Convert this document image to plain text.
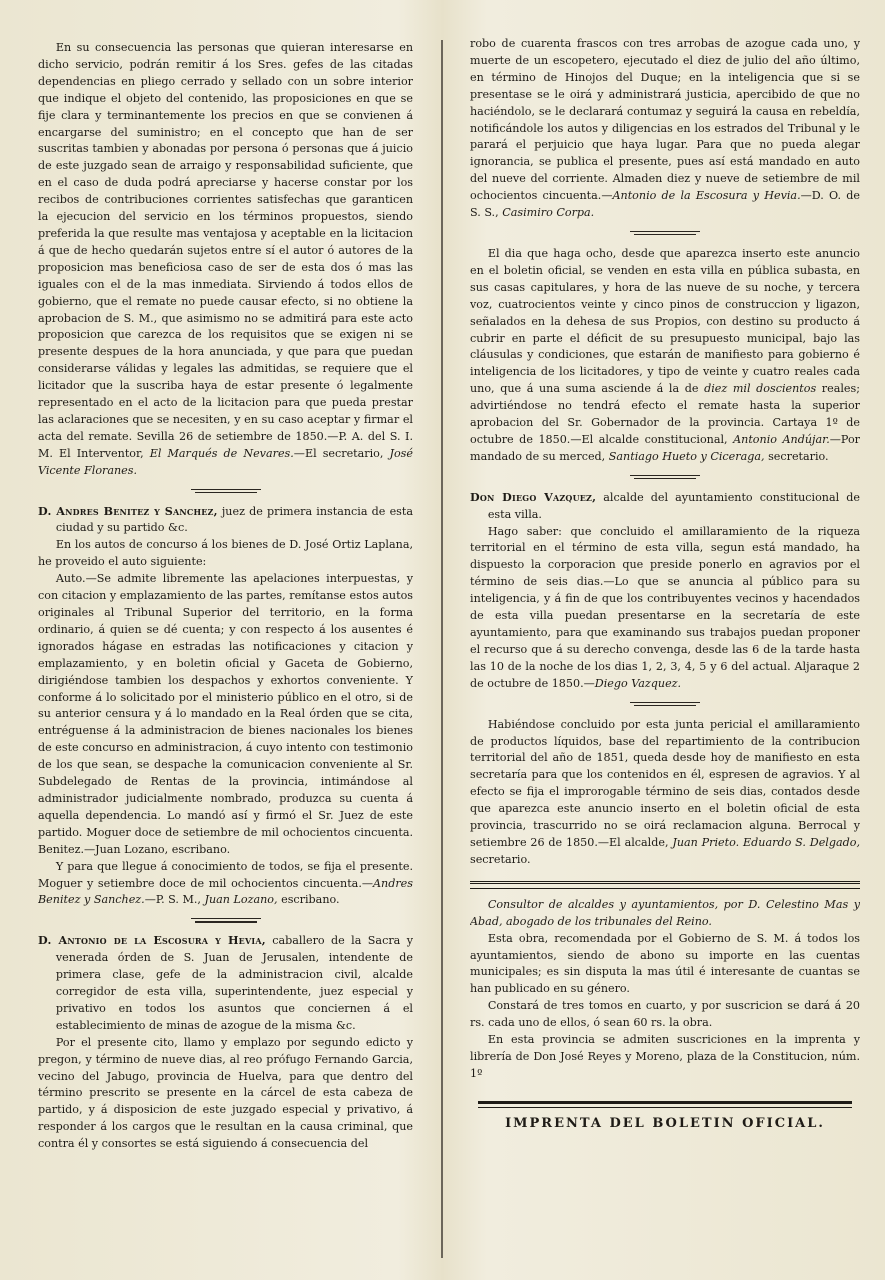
En su consecuencia las personas que quieran interesarse en dicho servicio, podrán remitir á los Sres. gefes de las citadas dependencias en pliego cerrado y sellado con un sobre interior que indique el objeto del contenido, las proposiciones en que se fije clara y terminantemente los precios en que se convienen á encargarse del suministro; en el concepto que han de ser suscritas tambien y abonadas por persona ó personas que á juicio de este juzgado sean de arraigo y responsabilidad suficiente, que en el caso de duda podrá apreciarse y hacerse constar por los recibos de contribuciones corrientes satisfechas que garanticen la ejecucion del servicio en los términos propuestos, siendo preferida la que resulte mas ventajosa y aceptable en la licitacion á que de hecho quedarán sujetos entre sí el autor ó autores de la proposicion mas beneficiosa caso de ser de esta dos ó mas las iguales con el de la mas inmediata. Sirviendo á todos ellos de gobierno, que el remate no puede causar efecto, si no obtiene la aprobacion de S. M., que asimismo no se admitirá para este acto proposicion que carezca de los requisitos que se exigen ni se presente despues de la hora anunciada, y que para que puedan considerarse válidas y legales las admitidas, se requiere que el licitador que la suscriba haya de estar presente ó legalmente representado en el acto de la licitacion para que pueda prestar las aclaraciones que se necesiten, y en su caso aceptar y firmar el acta del remate. Sevilla 26 de setiembre de 1850.—P. A. del S. I. M. El Interventor, El Marqués de Nevares.—El secretario, José Vicente Floranes.

D. Andres Benitez y Sanchez, juez de primera instancia de esta ciudad y su partido &c.

En los autos de concurso á los bienes de D. José Ortiz Laplana, he proveido el auto siguiente:

Auto.—Se admite libremente las apelaciones interpuestas, y con citacion y emplazamiento de las partes, remítanse estos autos originales al Tribunal Superior del territorio, en la forma ordinario, á quien se dé cuenta; y con respecto á los ausentes é ignorados hágase en estradas las notificaciones y citacion y emplazamiento, y en boletin oficial y Gaceta de Gobierno, dirigiéndose tambien los despachos y exhortos conveniente. Y conforme á lo solicitado por el ministerio público en el otro, si de su anterior censura y á lo mandado en la Real órden que se cita, entréguense á la administracion de bienes nacionales los bienes de este concurso en administracion, á cuyo intento con testimonio de los que sean, se despache la comunicacion conveniente al Sr. Subdelegado de Rentas de la provincia, intimándose al administrador judicialmente nombrado, produzca su cuenta á aquella dependencia. Lo mandó así y firmó el Sr. Juez de este partido. Moguer doce de setiembre de mil ochocientos cincuenta. Benitez.—Juan Lozano, escribano.

Y para que llegue á conocimiento de todos, se fija el presente. Moguer y setiembre doce de mil ochocientos cincuenta.—Andres Benitez y Sanchez.—P. S. M., Juan Lozano, escribano.

D. Antonio de la Escosura y Hevia, caballero de la Sacra y venerada órden de S. Juan de Jerusalen, intendente de primera clase, gefe de la administracion civil, alcalde corregidor de esta villa, superintendente, juez especial y privativo en todos los asuntos que conciernen á el establecimiento de minas de azogue de la misma &c.

Por el presente cito, llamo y emplazo por segundo edicto y pregon, y término de nueve dias, al reo prófugo Fernando Garcia, vecino del Jabugo, provincia de Huelva, para que dentro del término prescrito se presente en la cárcel de esta cabeza de partido, y á disposicion de este juzgado especial y privativo, á responder á los cargos que le resultan en la causa criminal, que contra él y consortes se está siguiendo á consecuencia del

robo de cuarenta frascos con tres arrobas de azogue cada uno, y muerte de un escopetero, ejecutado el diez de julio del año último, en término de Hinojos del Duque; en la inteligencia que si se presentase se le oirá y administrará justicia, apercibido de que no haciéndolo, se le declarará contumaz y seguirá la causa en rebeldía, notificándole los autos y diligencias en los estrados del Tribunal y le parará el perjuicio que haya lugar. Para que no pueda alegar ignorancia, se publica el presente, pues así está mandado en auto del nueve del corriente. Almaden diez y nueve de setiembre de mil ochocientos cincuenta.—Antonio de la Escosura y Hevia.—D. O. de S. S., Casimiro Corpa.

El dia que haga ocho, desde que aparezca inserto este anuncio en el boletin oficial, se venden en esta villa en pública subasta, en sus casas capitulares, y hora de las nueve de su noche, y tercera voz, cuatrocientos veinte y cinco pinos de construccion y ligazon, señalados en la dehesa de sus Propios, con destino su producto á cubrir en parte el déficit de su presupuesto municipal, bajo las cláusulas y condiciones, que estarán de manifiesto para gobierno é inteligencia de los licitadores, y tipo de veinte y cuatro reales cada uno, que á una suma asciende á la de diez mil doscientos reales; advirtiéndose no tendrá efecto el remate hasta la superior aprobacion del Sr. Gobernador de la provincia. Cartaya 1º de octubre de 1850.—El alcalde constitucional, Antonio Andújar.—Por mandado de su merced, Santiago Hueto y Ciceraga, secretario.

Don Diego Vazquez, alcalde del ayuntamiento constitucional de esta villa.

Hago saber: que concluido el amillaramiento de la riqueza territorial en el término de esta villa, segun está mandado, ha dispuesto la corporacion que preside ponerlo en agravios por el término de seis dias.—Lo que se anuncia al público para su inteligencia, y á fin de que los contribuyentes vecinos y hacendados de esta villa puedan presentarse en la secretaría de este ayuntamiento, para que examinando sus trabajos puedan proponer el recurso que á su derecho convenga, desde las 6 de la tarde hasta las 10 de la noche de los dias 1, 2, 3, 4, 5 y 6 del actual. Aljaraque 2 de octubre de 1850.—Diego Vazquez.

Habiéndose concluido por esta junta pericial el amillaramiento de productos líquidos, base del repartimiento de la contribucion territorial del año de 1851, queda desde hoy de manifiesto en esta secretaría para que los contenidos en él, espresen de agravios. Y al efecto se fija el improrogable término de seis dias, contados desde que aparezca este anuncio inserto en el boletin oficial de esta provincia, trascurrido no se oirá reclamacion alguna. Berrocal y setiembre 26 de 1850.—El alcalde, Juan Prieto. Eduardo S. Delgado, secretario.

Consultor de alcaldes y ayuntamientos, por D. Celestino Mas y Abad, abogado de los tribunales del Reino.

Esta obra, recomendada por el Gobierno de S. M. á todos los ayuntamientos, siendo de abono su importe en las cuentas municipales; es sin disputa la mas útil é interesante de cuantas se han publicado en su género.

Constará de tres tomos en cuarto, y por suscricion se dará á 20 rs. cada uno de ellos, ó sean 60 rs. la obra.

En esta provincia se admiten suscriciones en la imprenta y librería de Don José Reyes y Moreno, plaza de la Constitucion, núm. 1º

IMPRENTA DEL BOLETIN OFICIAL.
